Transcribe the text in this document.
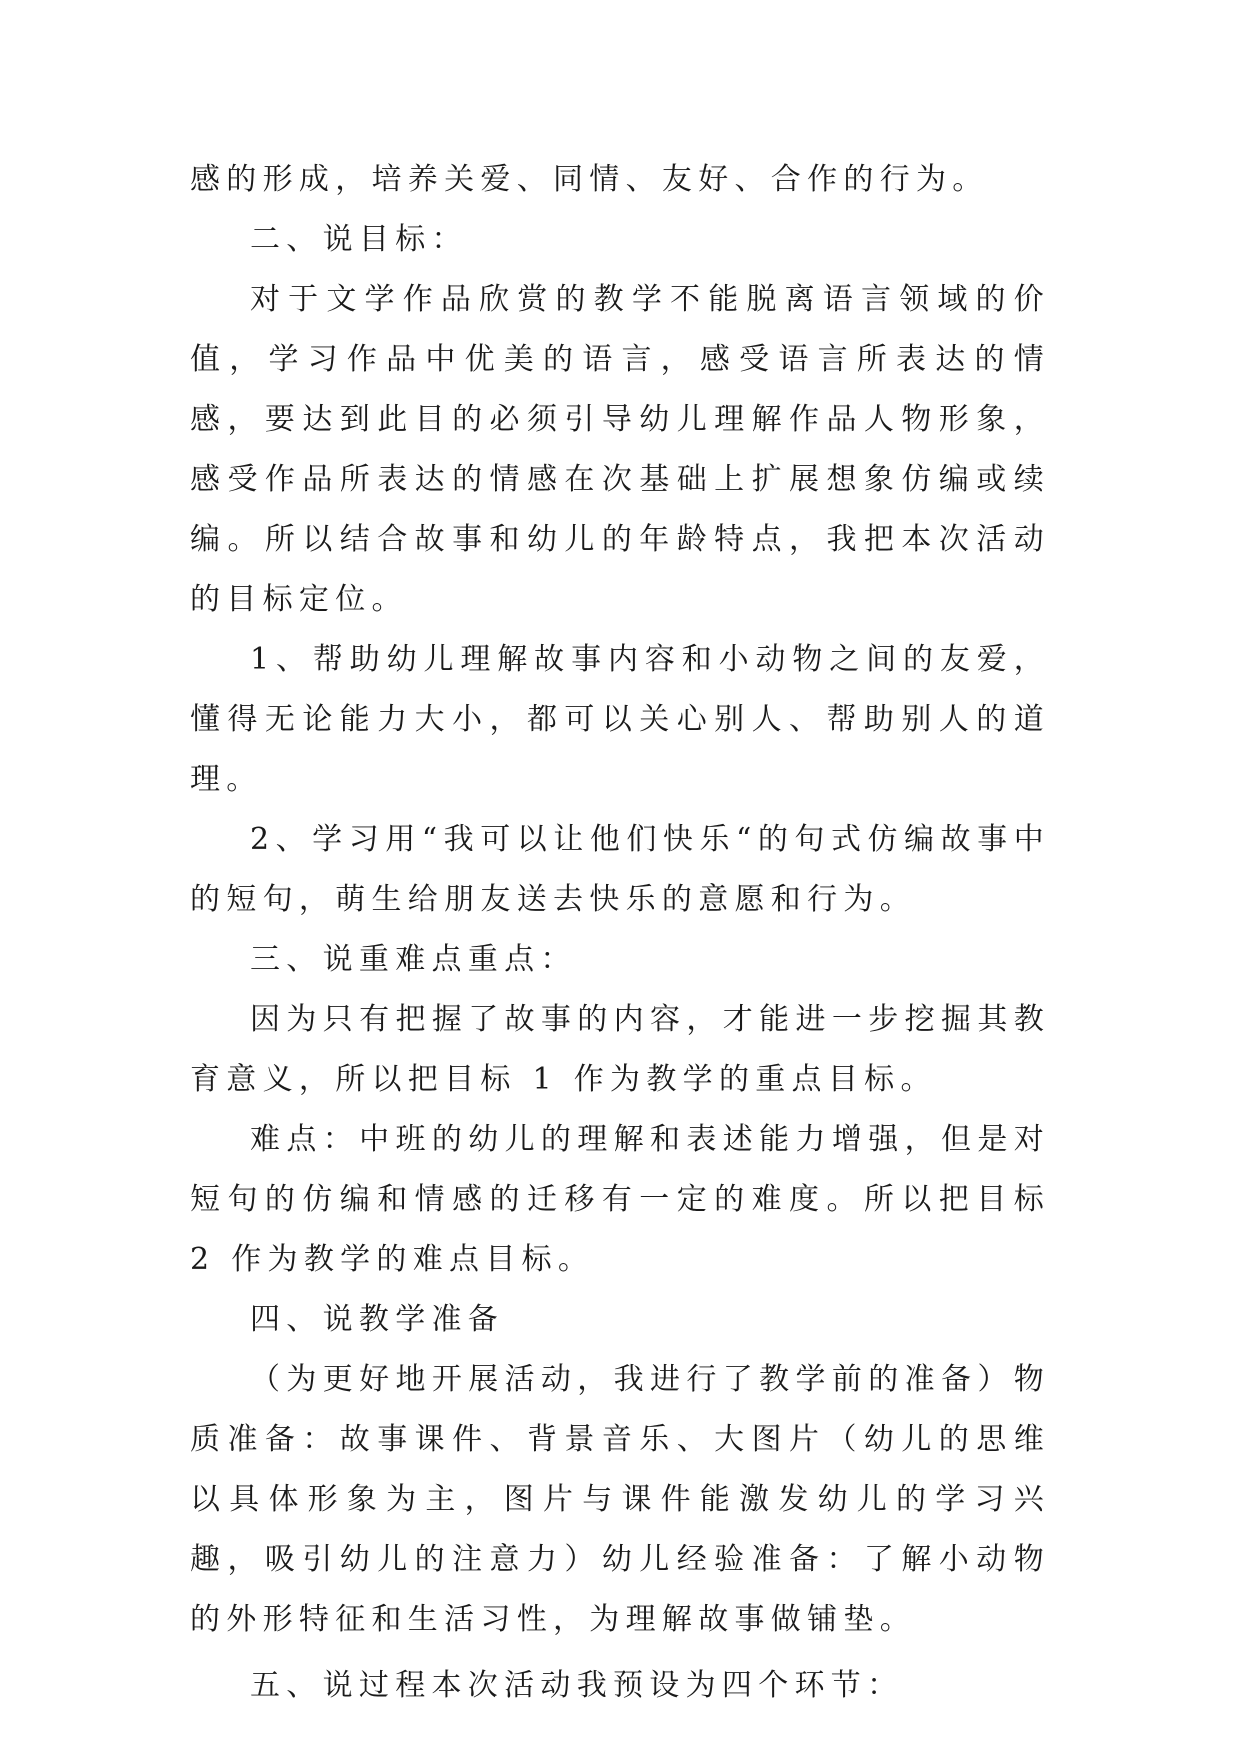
感的形成，培养关爱、同情、友好、合作的行为。

二、说目标：

对于文学作品欣赏的教学不能脱离语言领域的价值，学习作品中优美的语言，感受语言所表达的情感，要达到此目的必须引导幼儿理解作品人物形象，感受作品所表达的情感在次基础上扩展想象仿编或续编。所以结合故事和幼儿的年龄特点，我把本次活动的目标定位。

1、帮助幼儿理解故事内容和小动物之间的友爱，懂得无论能力大小，都可以关心别人、帮助别人的道理。

2、学习用“我可以让他们快乐“的句式仿编故事中的短句，萌生给朋友送去快乐的意愿和行为。

三、说重难点重点：

因为只有把握了故事的内容，才能进一步挖掘其教育意义，所以把目标 1 作为教学的重点目标。

难点：中班的幼儿的理解和表述能力增强，但是对短句的仿编和情感的迁移有一定的难度。所以把目标 2 作为教学的难点目标。

四、说教学准备

（为更好地开展活动，我进行了教学前的准备）物质准备：故事课件、背景音乐、大图片（幼儿的思维以具体形象为主，图片与课件能激发幼儿的学习兴趣，吸引幼儿的注意力）幼儿经验准备：了解小动物的外形特征和生活习性，为理解故事做铺垫。

五、说过程本次活动我预设为四个环节：
